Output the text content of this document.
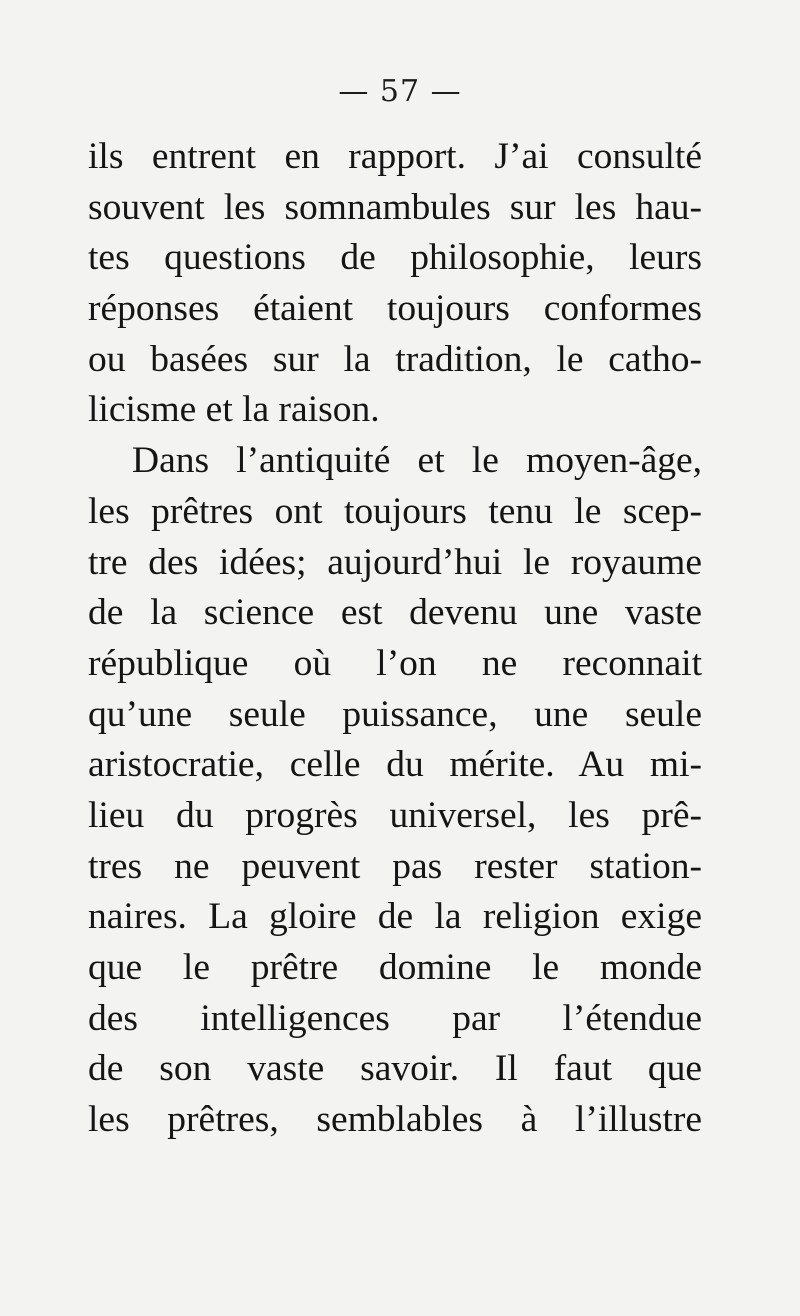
— 57 —
ils entrent en rapport. J’ai consulté
souvent les somnambules sur les hau-
tes questions de philosophie, leurs
réponses étaient toujours conformes
ou basées sur la tradition, le catho-
licisme et la raison.
Dans l’antiquité et le moyen-âge,
les prêtres ont toujours tenu le scep-
tre des idées; aujourd’hui le royaume
de la science est devenu une vaste
république où l’on ne reconnait
qu’une seule puissance, une seule
aristocratie, celle du mérite. Au mi-
lieu du progrès universel, les prê-
tres ne peuvent pas rester station-
naires. La gloire de la religion exige
que le prêtre domine le monde
des intelligences par l’étendue
de son vaste savoir. Il faut que
les prêtres, semblables à l’illustre
